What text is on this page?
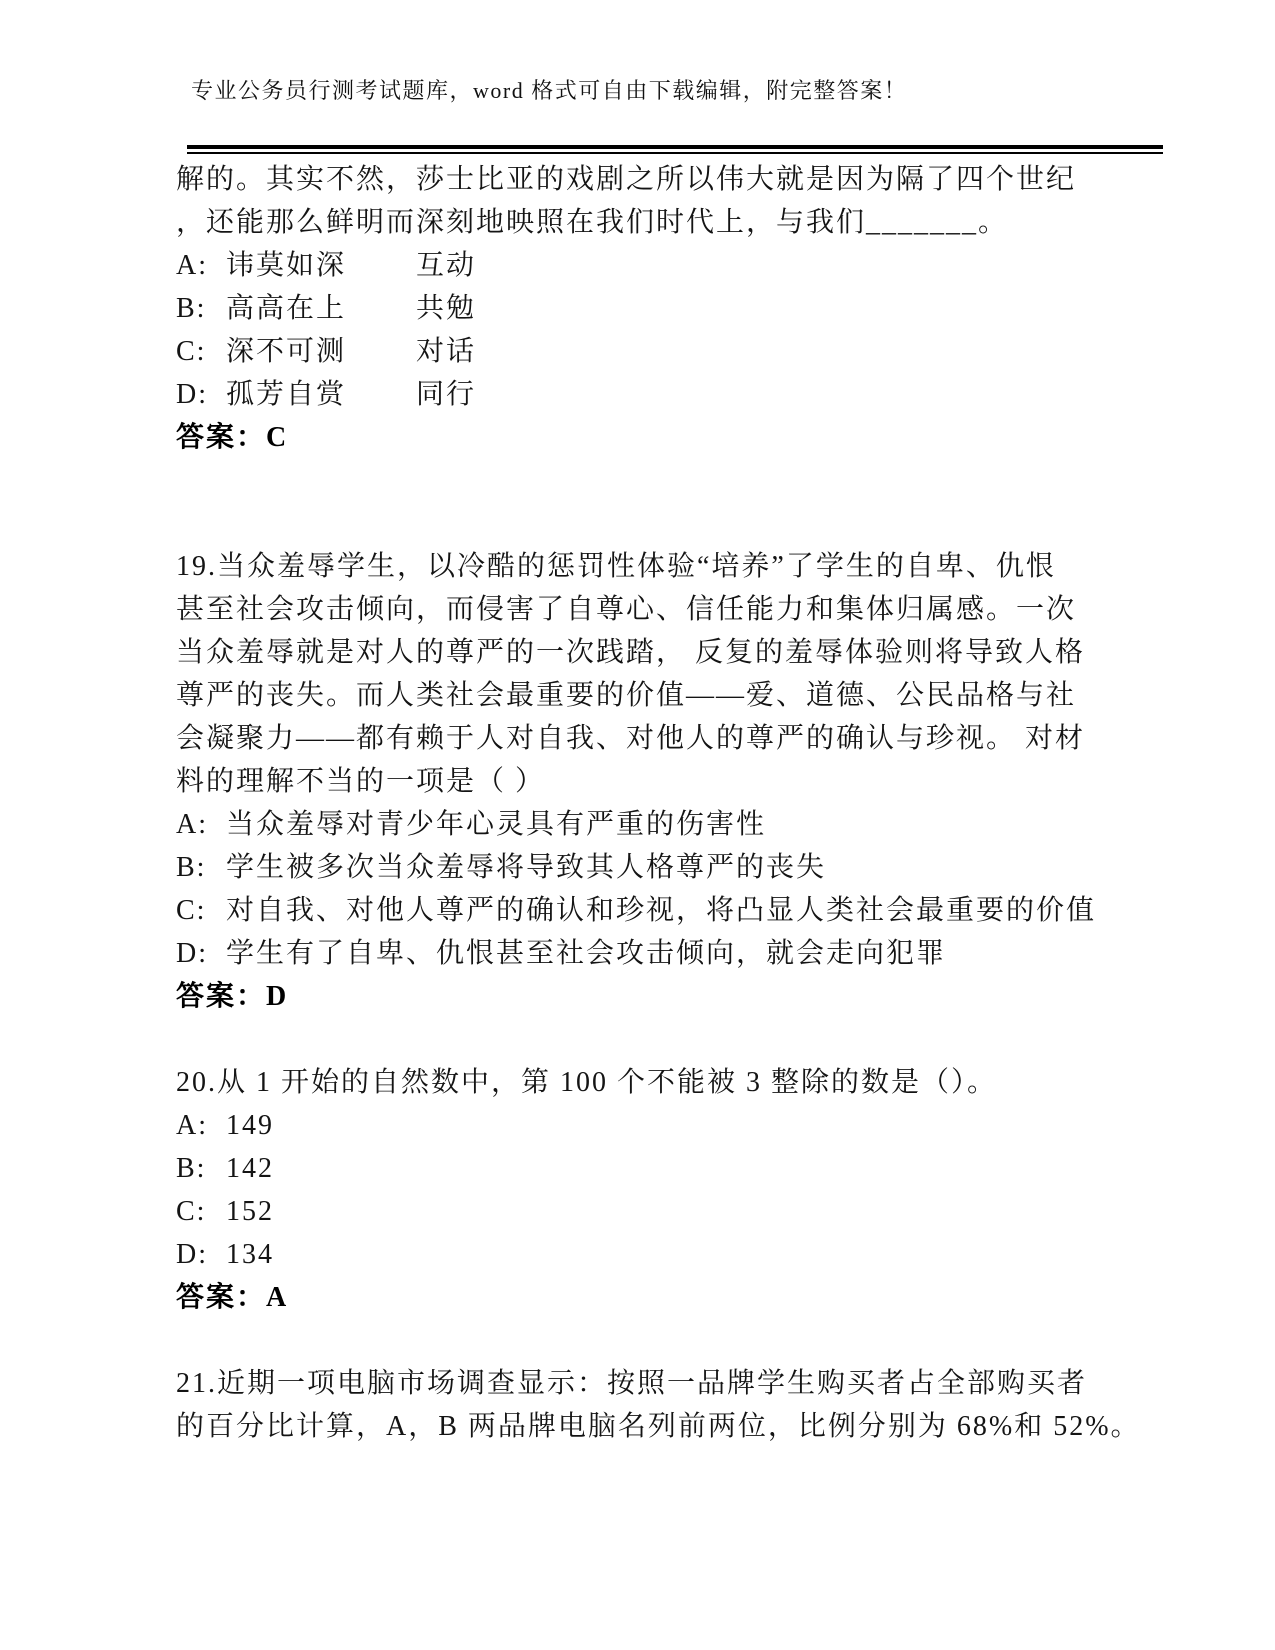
专业公务员行测考试题库，word 格式可自由下载编辑，附完整答案！
解的。其实不然，莎士比亚的戏剧之所以伟大就是因为隔了四个世纪
，还能那么鲜明而深刻地映照在我们时代上，与我们_______。
A: 讳莫如深	互动
B: 高高在上	共勉
C: 深不可测	对话
D: 孤芳自赏	同行
答案：C
19.当众羞辱学生，以冷酷的惩罚性体验“培养”了学生的自卑、仇恨
甚至社会攻击倾向，而侵害了自尊心、信任能力和集体归属感。一次
当众羞辱就是对人的尊严的一次践踏， 反复的羞辱体验则将导致人格
尊严的丧失。而人类社会最重要的价值——爱、道德、公民品格与社
会凝聚力——都有赖于人对自我、对他人的尊严的确认与珍视。 对材
料的理解不当的一项是（ ）
A: 当众羞辱对青少年心灵具有严重的伤害性
B: 学生被多次当众羞辱将导致其人格尊严的丧失
C: 对自我、对他人尊严的确认和珍视，将凸显人类社会最重要的价值
D: 学生有了自卑、仇恨甚至社会攻击倾向，就会走向犯罪
答案：D
20.从 1 开始的自然数中，第 100 个不能被 3 整除的数是（）。
A: 149
B: 142
C: 152
D: 134
答案：A
21.近期一项电脑市场调查显示：按照一品牌学生购买者占全部购买者
的百分比计算，A，B 两品牌电脑名列前两位，比例分别为 68%和 52%。
